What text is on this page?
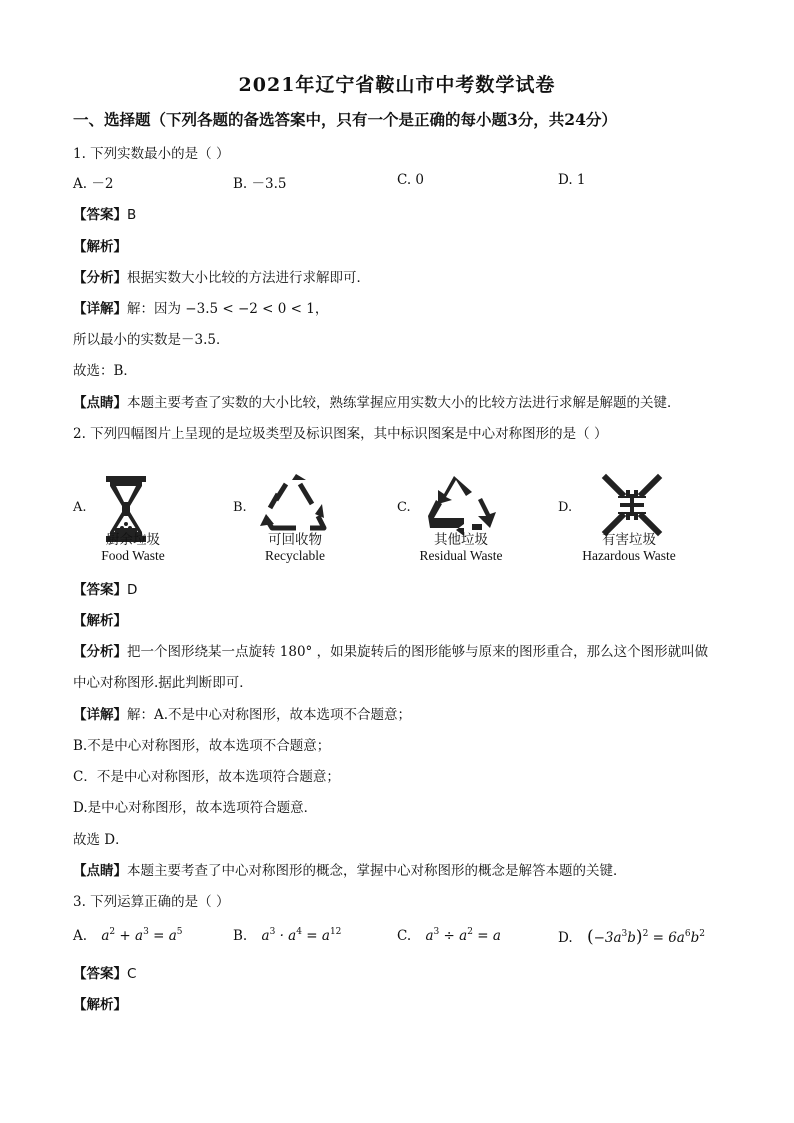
2021年辽宁省鞍山市中考数学试卷
一、选择题（下列各题的备选答案中，只有一个是正确的每小题3分，共24分）
1. 下列实数最小的是（ ）
A. －2	B. －3.5	C. 0	D. 1
【答案】B
【解析】
【分析】根据实数大小比较的方法进行求解即可．
【详解】解：因为 −3.5 < −2 < 0 < 1，
所以最小的实数是－3.5．
故选：B．
【点睛】本题主要考查了实数的大小比较，熟练掌握应用实数大小的比较方法进行求解是解题的关键．
2. 下列四幅图片上呈现的是垃圾类型及标识图案，其中标识图案是中心对称图形的是（ ）
A.
厨余垃圾
Food Waste
B.
可回收物
Recyclable
C.
其他垃圾
Residual Waste
D.
有害垃圾
Hazardous Waste
【答案】D
【解析】
【分析】把一个图形绕某一点旋转 180° ，如果旋转后的图形能够与原来的图形重合，那么这个图形就叫做
中心对称图形.据此判断即可．
【详解】解：A.不是中心对称图形，故本选项不合题意；
B.不是中心对称图形，故本选项不合题意；
C．不是中心对称图形，故本选项符合题意；
D.是中心对称图形，故本选项符合题意．
故选 D．
【点睛】本题主要考查了中心对称图形的概念，掌握中心对称图形的概念是解答本题的关键．
3. 下列运算正确的是（ ）
A. $a^2 + a^3 = a^5$	B. $a^3 \cdot a^4 = a^{12}$	C. $a^3 \div a^2 = a$	D. $(-3a^3b)^2 = 6a^6b^2$
【答案】C
【解析】
